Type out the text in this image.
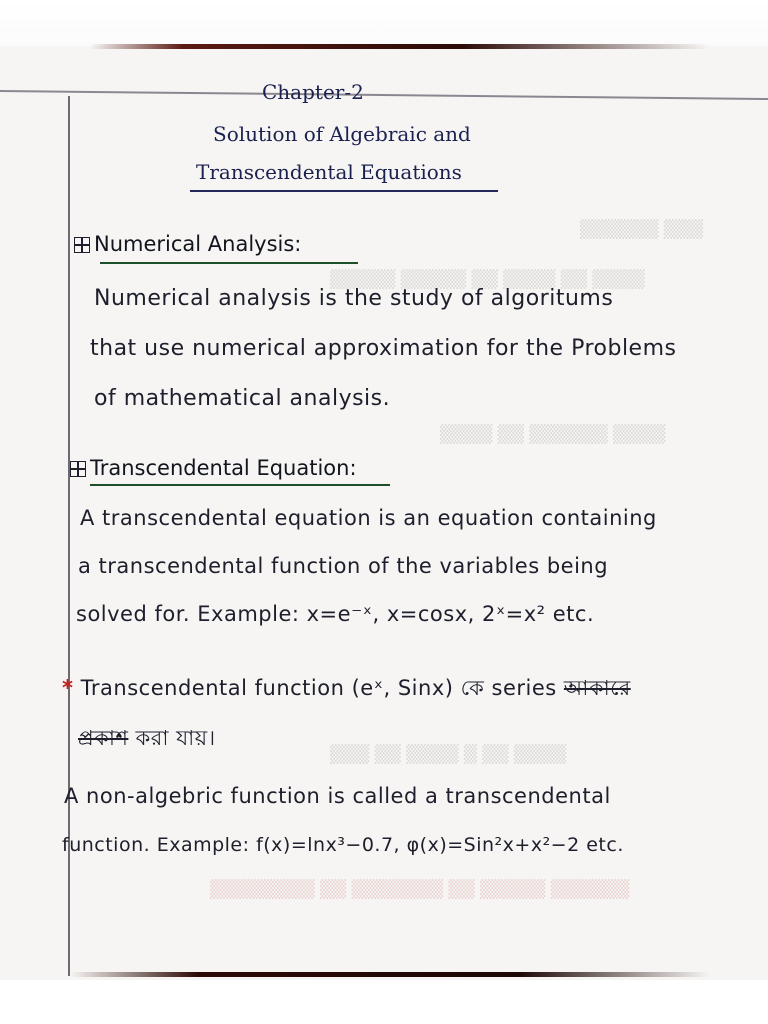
▒▒▒ ▒▒▒▒▒▒
▒▒▒▒ ▒▒ ▒▒▒▒ ▒▒ ▒▒▒▒▒ ▒▒▒▒▒
▒▒▒▒ ▒▒▒▒▒▒ ▒▒ ▒▒▒▒
▒▒▒▒ ▒▒ ▒ ▒▒▒▒ ▒▒ ▒▒▒
▒▒▒▒▒▒ ▒▒▒▒▒ ▒▒ ▒▒▒▒▒▒▒ ▒▒ ▒▒▒▒▒▒▒▒
Chapter-2
Solution of Algebraic and
Transcendental Equations
Numerical Analysis:
Numerical analysis is the study of algoritums
that use numerical approximation for the Problems
of mathematical analysis.
Transcendental Equation:
A transcendental equation is an equation containing
a transcendental function of the variables being
solved for. Example: x=e⁻ˣ, x=cosx, 2ˣ=x² etc.
* Transcendental function (eˣ, Sinx) কে series আকারে
প্রকাশ করা যায়।
A non-algebric function is called a transcendental
function. Example: f(x)=lnx³−0.7, φ(x)=Sin²x+x²−2 etc.
